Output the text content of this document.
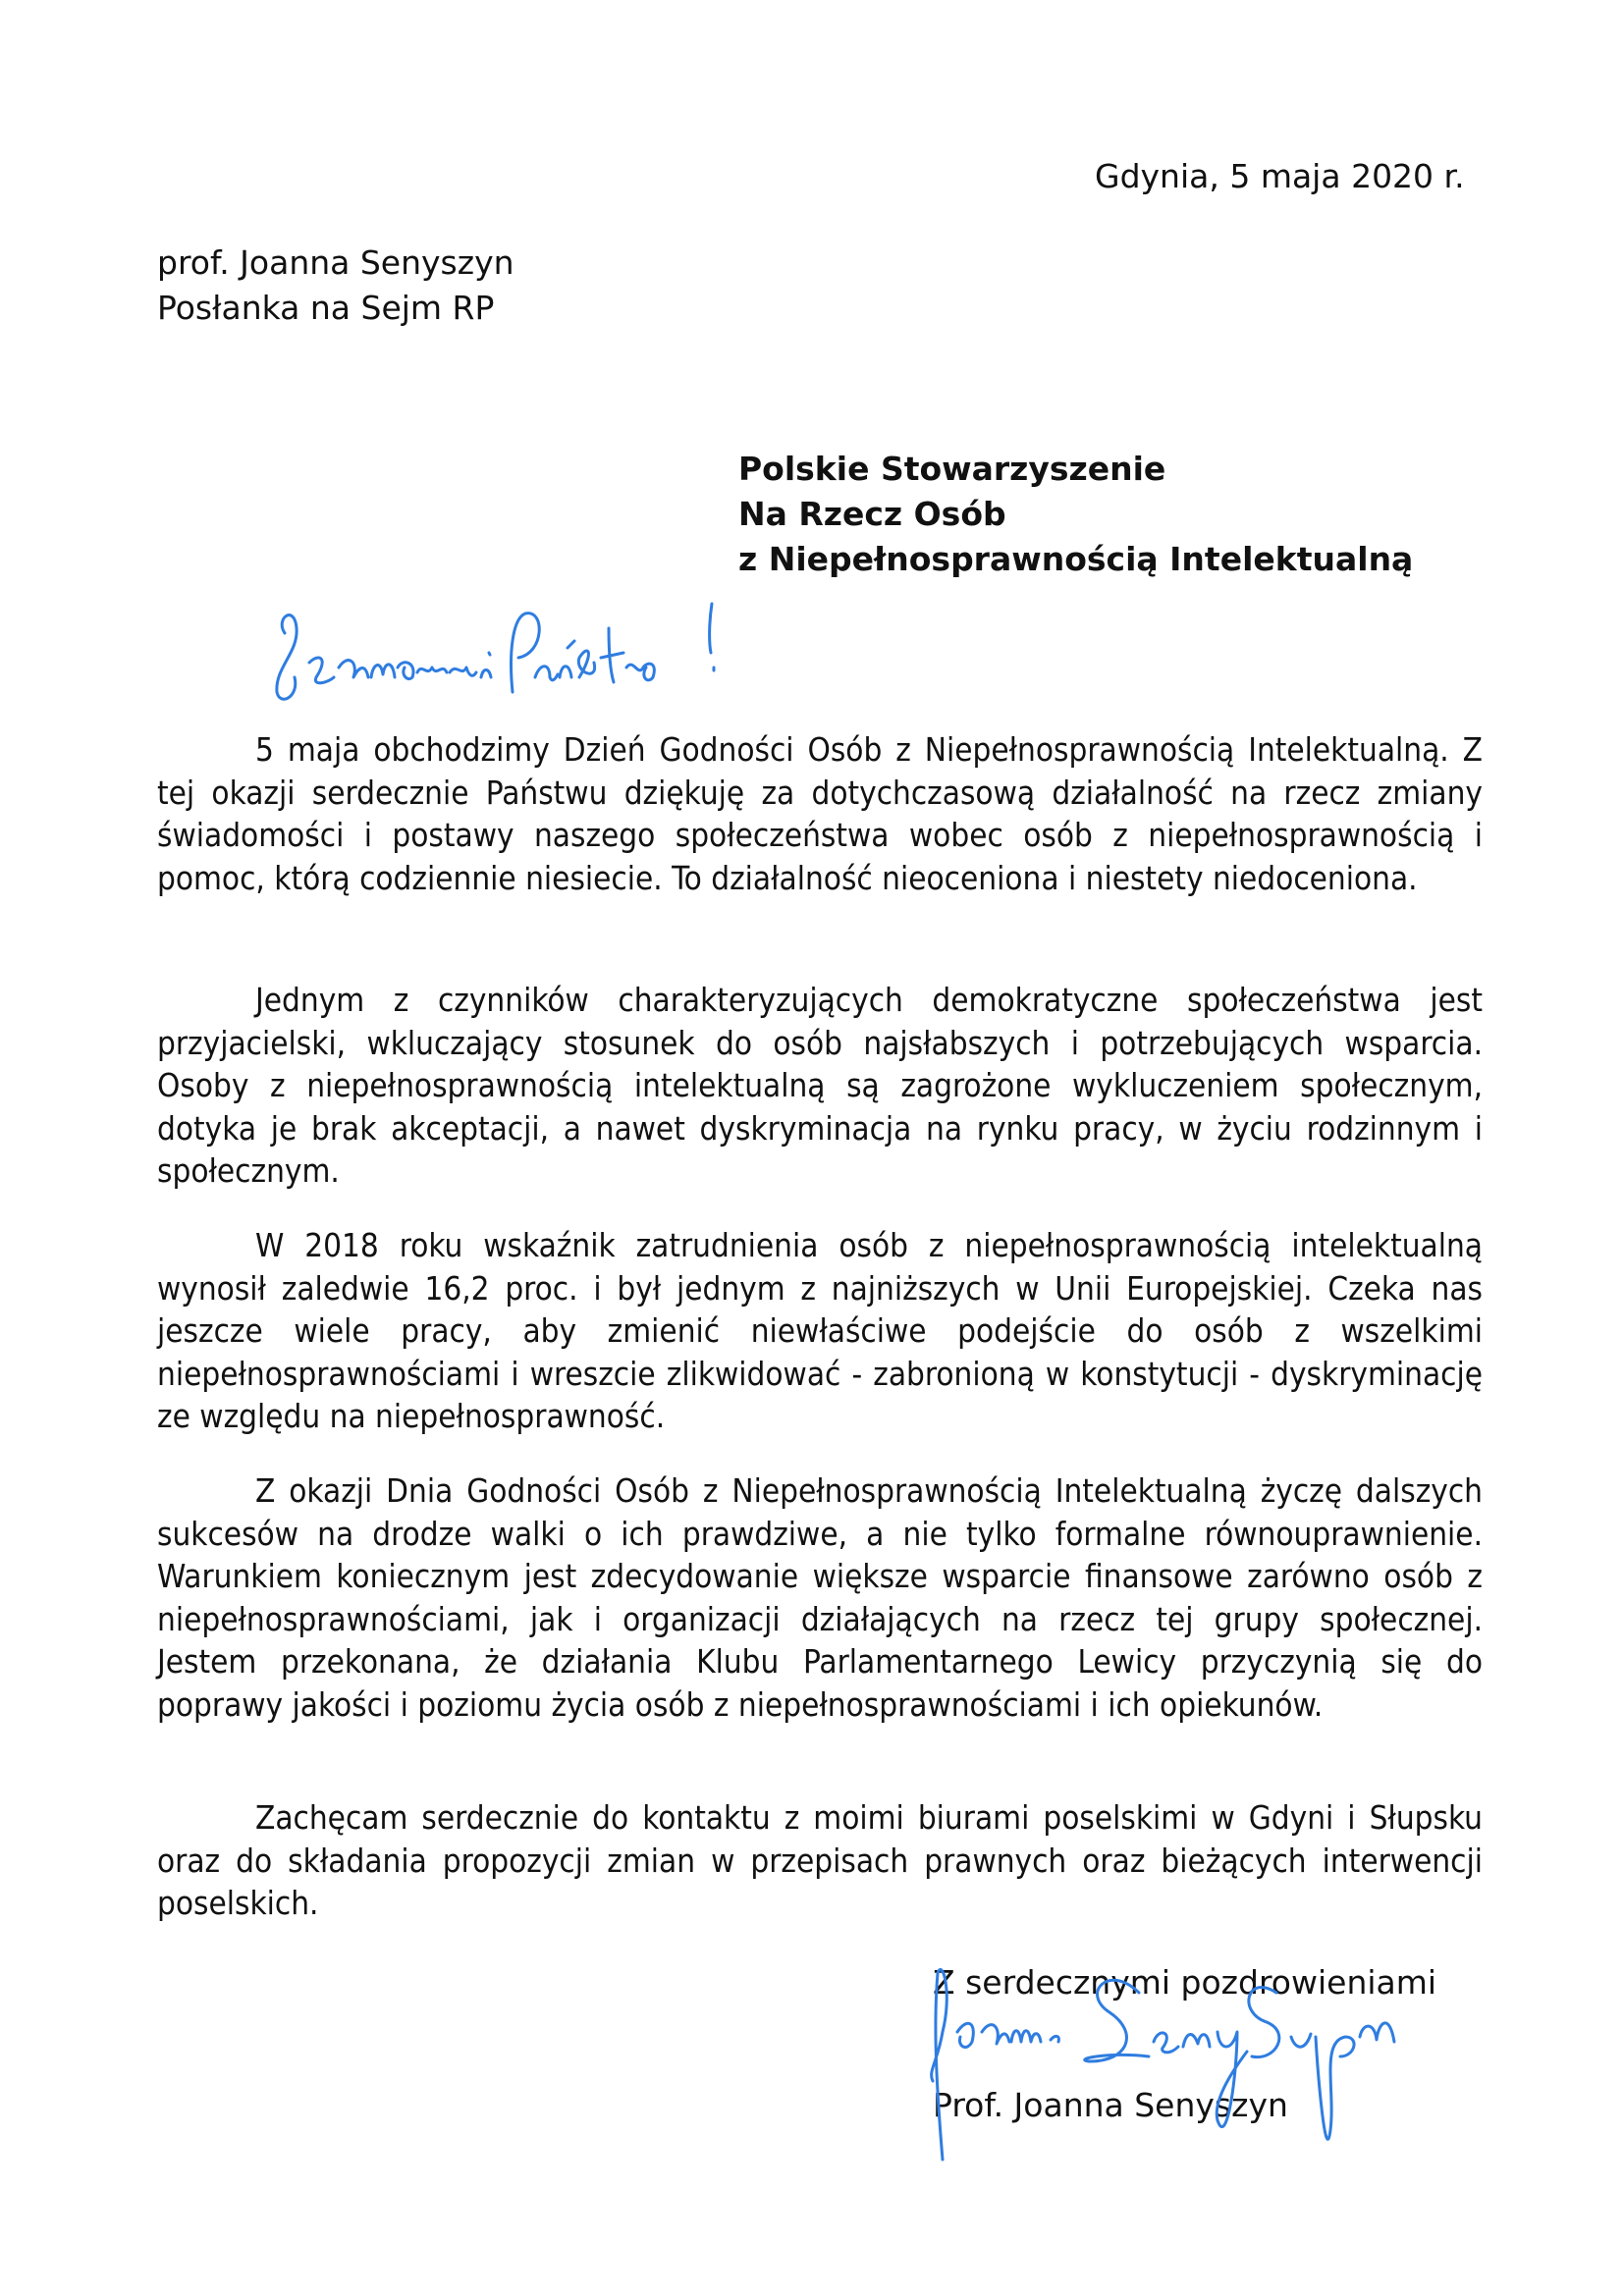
Gdynia, 5 maja 2020 r.
prof. Joanna Senyszyn
Posłanka na Sejm RP
Polskie Stowarzyszenie
Na Rzecz Osób
z Niepełnosprawnością Intelektualną

5 maja obchodzimy Dzień Godności Osób z Niepełnosprawnością Intelektualną. Z tej okazji serdecznie Państwu dziękuję za dotychczasową działalność na rzecz zmiany świadomości i postawy naszego społeczeństwa wobec osób z niepełnosprawnością i pomoc, którą codziennie niesiecie. To działalność nieoceniona i niestety niedoceniona.

Jednym z czynników charakteryzujących demokratyczne społeczeństwa jest przyjacielski, wkluczający stosunek do osób najsłabszych i potrzebujących wsparcia. Osoby z niepełnosprawnością intelektualną są zagrożone wykluczeniem społecznym, dotyka je brak akceptacji, a nawet dyskryminacja na rynku pracy, w życiu rodzinnym i społecznym.

W 2018 roku wskaźnik zatrudnienia osób z niepełnosprawnością intelektualną wynosił zaledwie 16,2 proc. i był jednym z najniższych w Unii Europejskiej. Czeka nas jeszcze wiele pracy, aby zmienić niewłaściwe podejście do osób z wszelkimi niepełnosprawnościami i wreszcie zlikwidować - zabronioną w konstytucji - dyskryminację ze względu na niepełnosprawność.

Z okazji Dnia Godności Osób z Niepełnosprawnością Intelektualną życzę dalszych sukcesów na drodze walki o ich prawdziwe, a nie tylko formalne równouprawnienie. Warunkiem koniecznym jest zdecydowanie większe wsparcie finansowe zarówno osób z niepełnosprawnościami, jak i organizacji działających na rzecz tej grupy społecznej. Jestem przekonana, że działania Klubu Parlamentarnego Lewicy przyczynią się do poprawy jakości i poziomu życia osób z niepełnosprawnościami i ich opiekunów.

Zachęcam serdecznie do kontaktu z moimi biurami poselskimi w Gdyni i Słupsku oraz do składania propozycji zmian w przepisach prawnych oraz bieżących interwencji poselskich.

Z serdecznymi pozdrowieniami
Prof. Joanna Senyszyn
